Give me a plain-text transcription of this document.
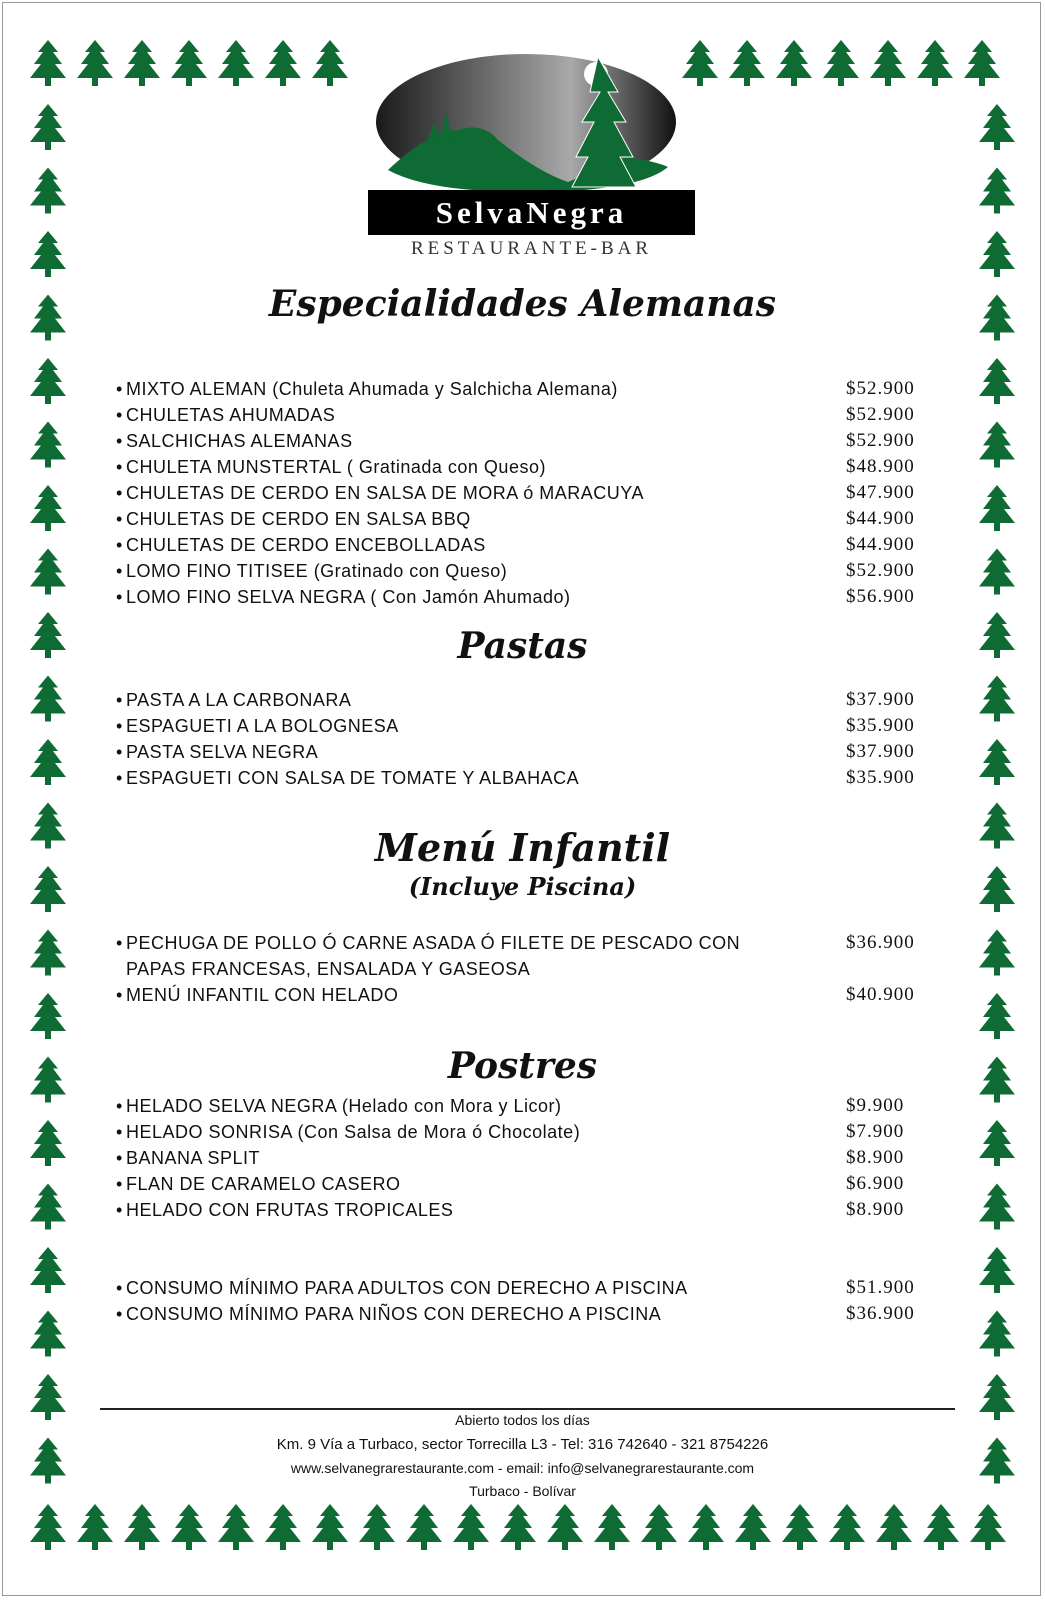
SelvaNegra
RESTAURANTE-BAR
Especialidades Alemanas
• MIXTO ALEMAN (Chuleta Ahumada y Salchicha Alemana)	$52.900
• CHULETAS AHUMADAS	$52.900
• SALCHICHAS ALEMANAS	$52.900
• CHULETA MUNSTERTAL ( Gratinada con Queso)	$48.900
• CHULETAS DE CERDO EN SALSA DE MORA ó MARACUYA	$47.900
• CHULETAS DE CERDO EN SALSA BBQ	$44.900
• CHULETAS DE CERDO ENCEBOLLADAS	$44.900
• LOMO FINO TITISEE (Gratinado con Queso)	$52.900
• LOMO FINO SELVA NEGRA ( Con Jamón Ahumado)	$56.900
Pastas
• PASTA A LA CARBONARA	$37.900
• ESPAGUETI A LA BOLOGNESA	$35.900
• PASTA SELVA NEGRA	$37.900
• ESPAGUETI CON SALSA DE TOMATE Y ALBAHACA	$35.900
Menú Infantil
(Incluye Piscina)
• PECHUGA DE POLLO Ó CARNE ASADA Ó FILETE DE PESCADO CON	$36.900

PAPAS FRANCESAS, ENSALADA Y GASEOSA
• MENÚ INFANTIL CON HELADO	$40.900
Postres
• HELADO SELVA NEGRA (Helado con Mora y Licor)	$9.900
• HELADO SONRISA (Con Salsa de Mora ó Chocolate)	$7.900
• BANANA SPLIT	$8.900
• FLAN DE CARAMELO CASERO	$6.900
• HELADO CON FRUTAS TROPICALES	$8.900
• CONSUMO MÍNIMO PARA ADULTOS CON DERECHO A PISCINA	$51.900
• CONSUMO MÍNIMO PARA NIÑOS CON DERECHO A PISCINA	$36.900
Abierto todos los días
Km. 9 Vía a Turbaco, sector Torrecilla L3 - Tel: 316 742640 - 321 8754226
www.selvanegrarestaurante.com - email: info@selvanegrarestaurante.com
Turbaco - Bolívar
